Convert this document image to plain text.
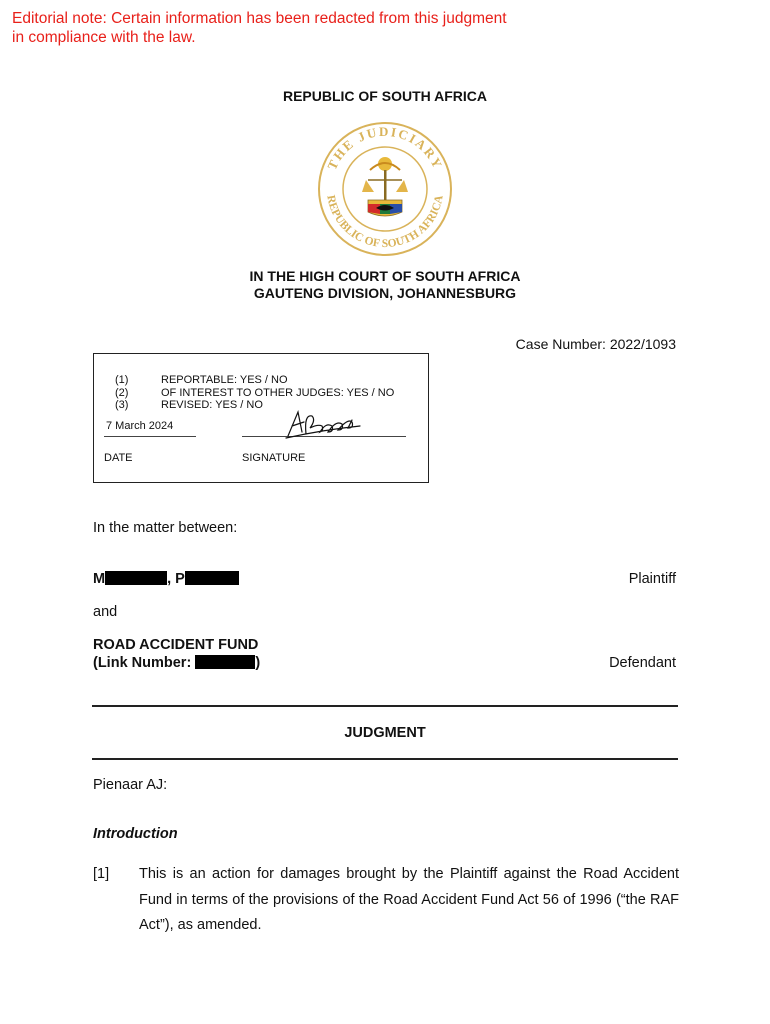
Editorial note: Certain information has been redacted from this judgment in compliance with the law.
REPUBLIC OF SOUTH AFRICA
THE JUDICIARY
REPUBLIC OF SOUTH AFRICA
IN THE HIGH COURT OF SOUTH AFRICA
GAUTENG DIVISION, JOHANNESBURG
Case Number: 2022/1093
(1)	REPORTABLE: YES / NO
(2)	OF INTEREST TO OTHER JUDGES: YES / NO
(3)	REVISED: YES / NO
7 March 2024
DATE	SIGNATURE
In the matter between:
M	, P	Plaintiff
and
ROAD ACCIDENT FUND
(Link Number:	)	Defendant
JUDGMENT
Pienaar AJ:
Introduction
[1] This is an action for damages brought by the Plaintiff against the Road Accident Fund in terms of the provisions of the Road Accident Fund Act 56 of 1996 (“the RAF Act”), as amended.
